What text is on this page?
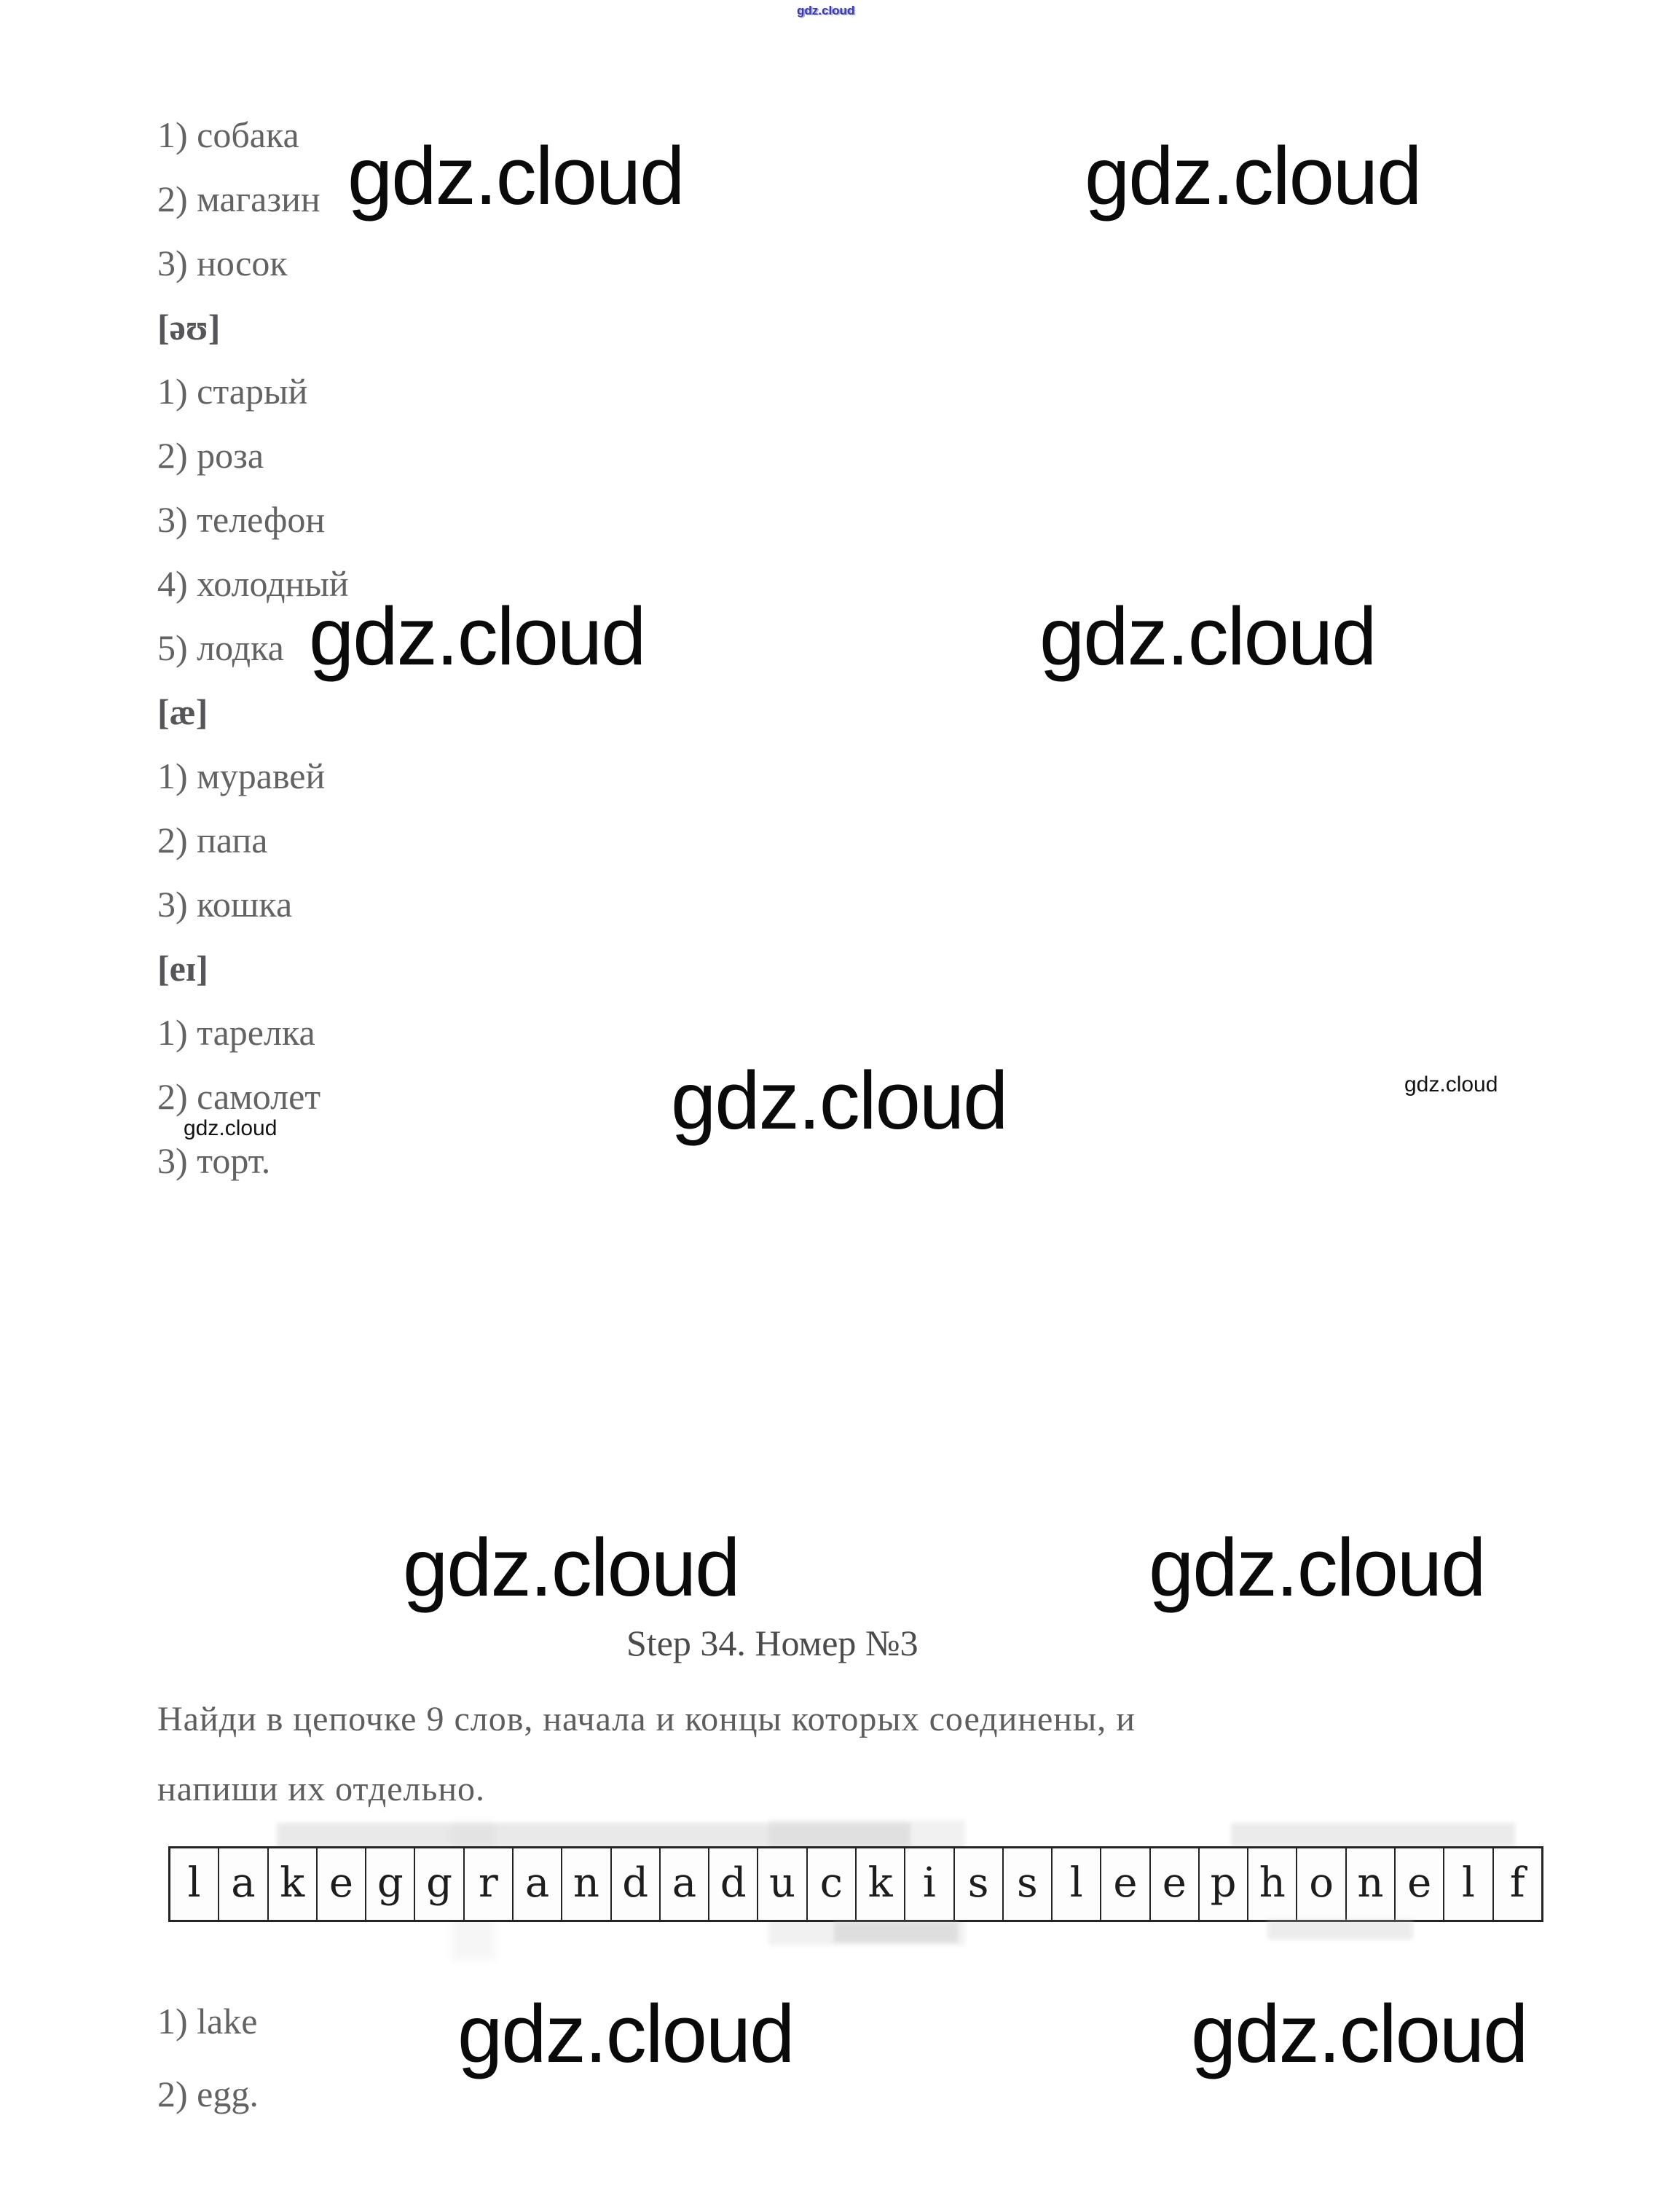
gdz.cloud
1) собака
2) магазин
3) носок
[əʊ]
1) старый
2) роза
3) телефон
4) холодный
5) лодка
[æ]
1) муравей
2) папа
3) кошка
[eɪ]
1) тарелка
2) самолет
3) торт.
gdz.cloud	gdz.cloud
gdz.cloud	gdz.cloud
gdz.cloud
gdz.cloud	gdz.cloud
gdz.cloud	gdz.cloud
gdz.cloud
gdz.cloud
Step 34. Номер №3
Найди в цепочке 9 слов, начала и концы которых соединены, и
напиши их отдельно.
l a k e g g r a n d a d u c k i s s l e e p h o n e l f
1) lake
2) egg.
